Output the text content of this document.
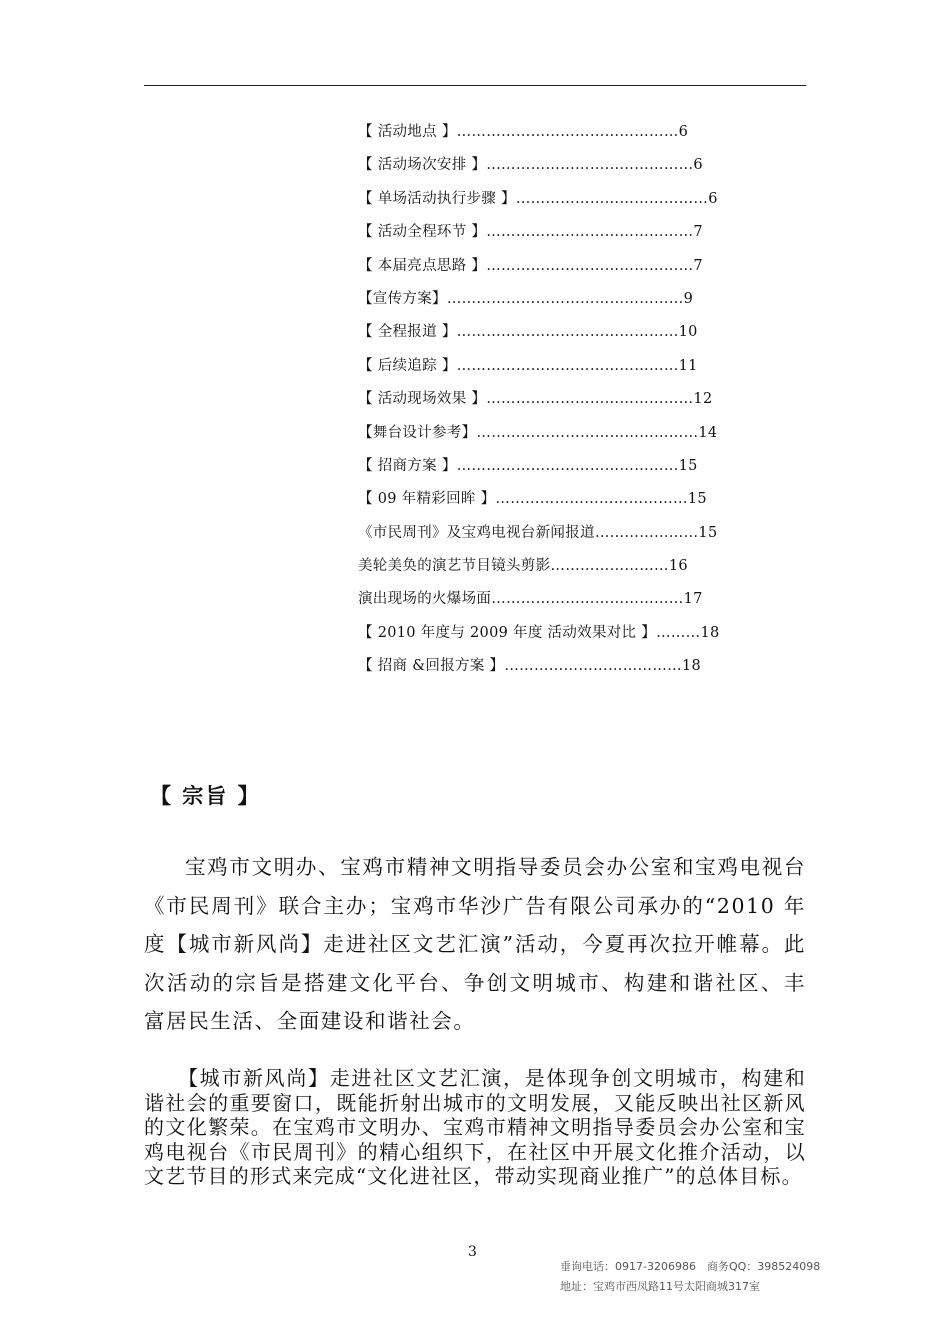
【 活动地点 】………………………………………6
【 活动场次安排 】……………………………………6
【 单场活动执行步骤 】…………………………………6
【 活动全程环节 】……………………………………7
【 本届亮点思路 】……………………………………7
【宣传方案】…………………………………………9
【 全程报道 】………………………………………10
【 后续追踪 】………………………………………11
【 活动现场效果 】……………………………………12
【舞台设计参考】………………………………………14
【 招商方案 】………………………………………15
【 09 年精彩回眸 】…………………………………15
《市民周刊》及宝鸡电视台新闻报道…………………15
美轮美奂的演艺节目镜头剪影……………………16
演出现场的火爆场面…………………………………17
【 2010 年度与 2009 年度 活动效果对比 】………18
【 招商 &回报方案 】………………………………18
【 宗旨 】

宝鸡市文明办、宝鸡市精神文明指导委员会办公室和宝鸡电视台《市民周刊》联合主办；宝鸡市华沙广告有限公司承办的“2010 年度【城市新风尚】走进社区文艺汇演”活动，今夏再次拉开帷幕。此次活动的宗旨是搭建文化平台、争创文明城市、构建和谐社区、丰富居民生活、全面建设和谐社会。

【城市新风尚】走进社区文艺汇演，是体现争创文明城市，构建和谐社会的重要窗口，既能折射出城市的文明发展，又能反映出社区新风的文化繁荣。在宝鸡市文明办、宝鸡市精神文明指导委员会办公室和宝鸡电视台《市民周刊》的精心组织下，在社区中开展文化推介活动，以文艺节目的形式来完成“文化进社区，带动实现商业推广”的总体目标。

3
垂询电话：0917-3206986　商务QQ：398524098
地址：宝鸡市西凤路11号太阳商城317室
